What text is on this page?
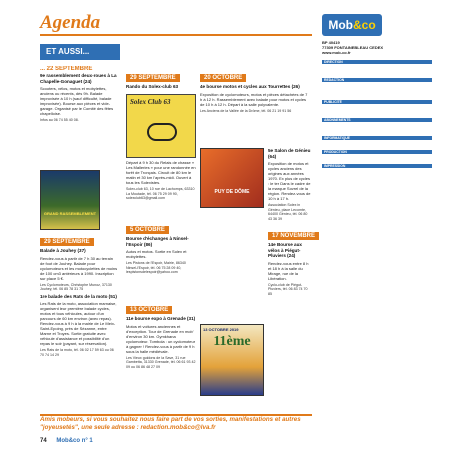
Agenda
ET AUSSI...
... 22 SEPTEMBRE
9e rassemblement deux-roues à La Chapelle-Gonaguet (24)

Scooters, vélos, motos et mobylettes, anciens ou récents, dès 9h. Balade improvisée à 10 h (sauf difficulté, balade improvisée). Bourse aux pièces et vide-garage. Organisé par le Comité des fêtes chapelloise.

Infos au 06 74 55 40 08.

GRAND RASSEMBLEMENT
29 SEPTEMBRE
Balade à Jouhey (37)

Rendez-vous à partir de 7 h 30 au terrain de foot de Jouhey. Balade pour cyclomoteurs et les motocyclettes de moins de 100 cm3 antérieurs à 1990. Inscription sur place 5 €.

Les Cyclomoteurs, Christophe Munoz, 37130 Jouhey, tél. 06 85 78 31 75

1re balade des Rats de la moto (51)

Les Rats de la moto, association marnaise, organisent leur première balade cycles, motos et tous véhicules, autour d'un parcours de 60 km environ (avec repas). Rendez-vous à 9 h à la mairie de Le Meix-Saint-Epoing, près de Sézanne, entre Marne et Troyes. Sortie gratuite avec véhicule d'assistance et possibilité d'un repas le soir (payant, sur réservation).

Les Rats de la moto, tél. 06 02 17 59 63 ou 06 70 74 14 29

29 SEPTEMBRE
Rando du Solex-club 63
Solex Club 63

Départ à 9 h 30 du Relais de chasse « Les Malleries » pour une randonnée en forêt de Tronçais. Circuit de 80 km le matin et 30 km l'après-midi. Ouvert à tous les Solexistes.

Solex-club 63, 10 rue de Lachomps, 63310 La Moutade, tél. 06 75 29 09 90, solexclub63@gmail.com

5 OCTOBRE
Bourse d'échanges à Ninsel-l'Espoir (86)

Autos et motos. Sortie en Solex et mobylettes.

Les Pistons de l'Espoir, Mairie, 86340 Ninsel-l'Espoir, tél. 06 75 28 09 40, lespistonsdelespoir@yahoo.com

13 OCTOBRE
11e bourse expo à Grenade (31)

Motos et voitures anciennes et d'exception. Tour de Grenade en mob' d'environ 30 km. Gymkhana cyclomoteur. Tombola : un cyclomoteur à gagner ! Rendez-vous à partir de 9 h sous la halle médiévale.

Les Vieux guidons de la Save, 31 rue Gambetta, 31330 Grenade, tél. 06 61 93 42 09 ou 06 86 48 27 09

20 OCTOBRE
4e bourse motos et cycles aux Tourrettes (26)

Exposition de cyclomoteurs, motos et pièces détachées de 7 h à 12 h. Rassemblement avec balade pour motos et cycles de 10 h à 12 h. Départ à la salle polyvalente.

Les Anciens de la Vallée de la Drôme, tél. 06 21 19 91 56

PUY DE DÔME
5e Salon de Génieu (64)

Exposition de motos et cycles anciens des origines aux années 1970. Ex plus de cycles : le ter Dans le cadre de la marque Sovrel de la région. Rendez-vous de 10 h à 17 h.

Association Solex in Génieu, place Lecomte, 64400 Génieu, tél. 06 80 43 36 39

17 NOVEMBRE
14e Bourse aux vélos à Piégut-Pluviers (24)

Rendez-vous entre 8 h et 18 h à la salle du Mirage, rue de la Libération.

Cyclo-club de Piégut-Pluviers, tél. 06 83 74 70 85

13 OCTOBRE 2019
11ème
Mob&co
BP 40419
77309 FONTAINEBLEAU CEDEX
www.mob-co.fr
DIRECTION
REDACTION
PUBLICITÉ
ABONNEMENTS
INFORMATIQUE
PRODUCTION
IMPRESSION
Amis mobeurs, si vous souhaitez nous faire part de vos sorties, manifestations et autres "joyeusetés", une seule adresse : redaction.mob&co@lva.fr
74 Mob&co n° 1
